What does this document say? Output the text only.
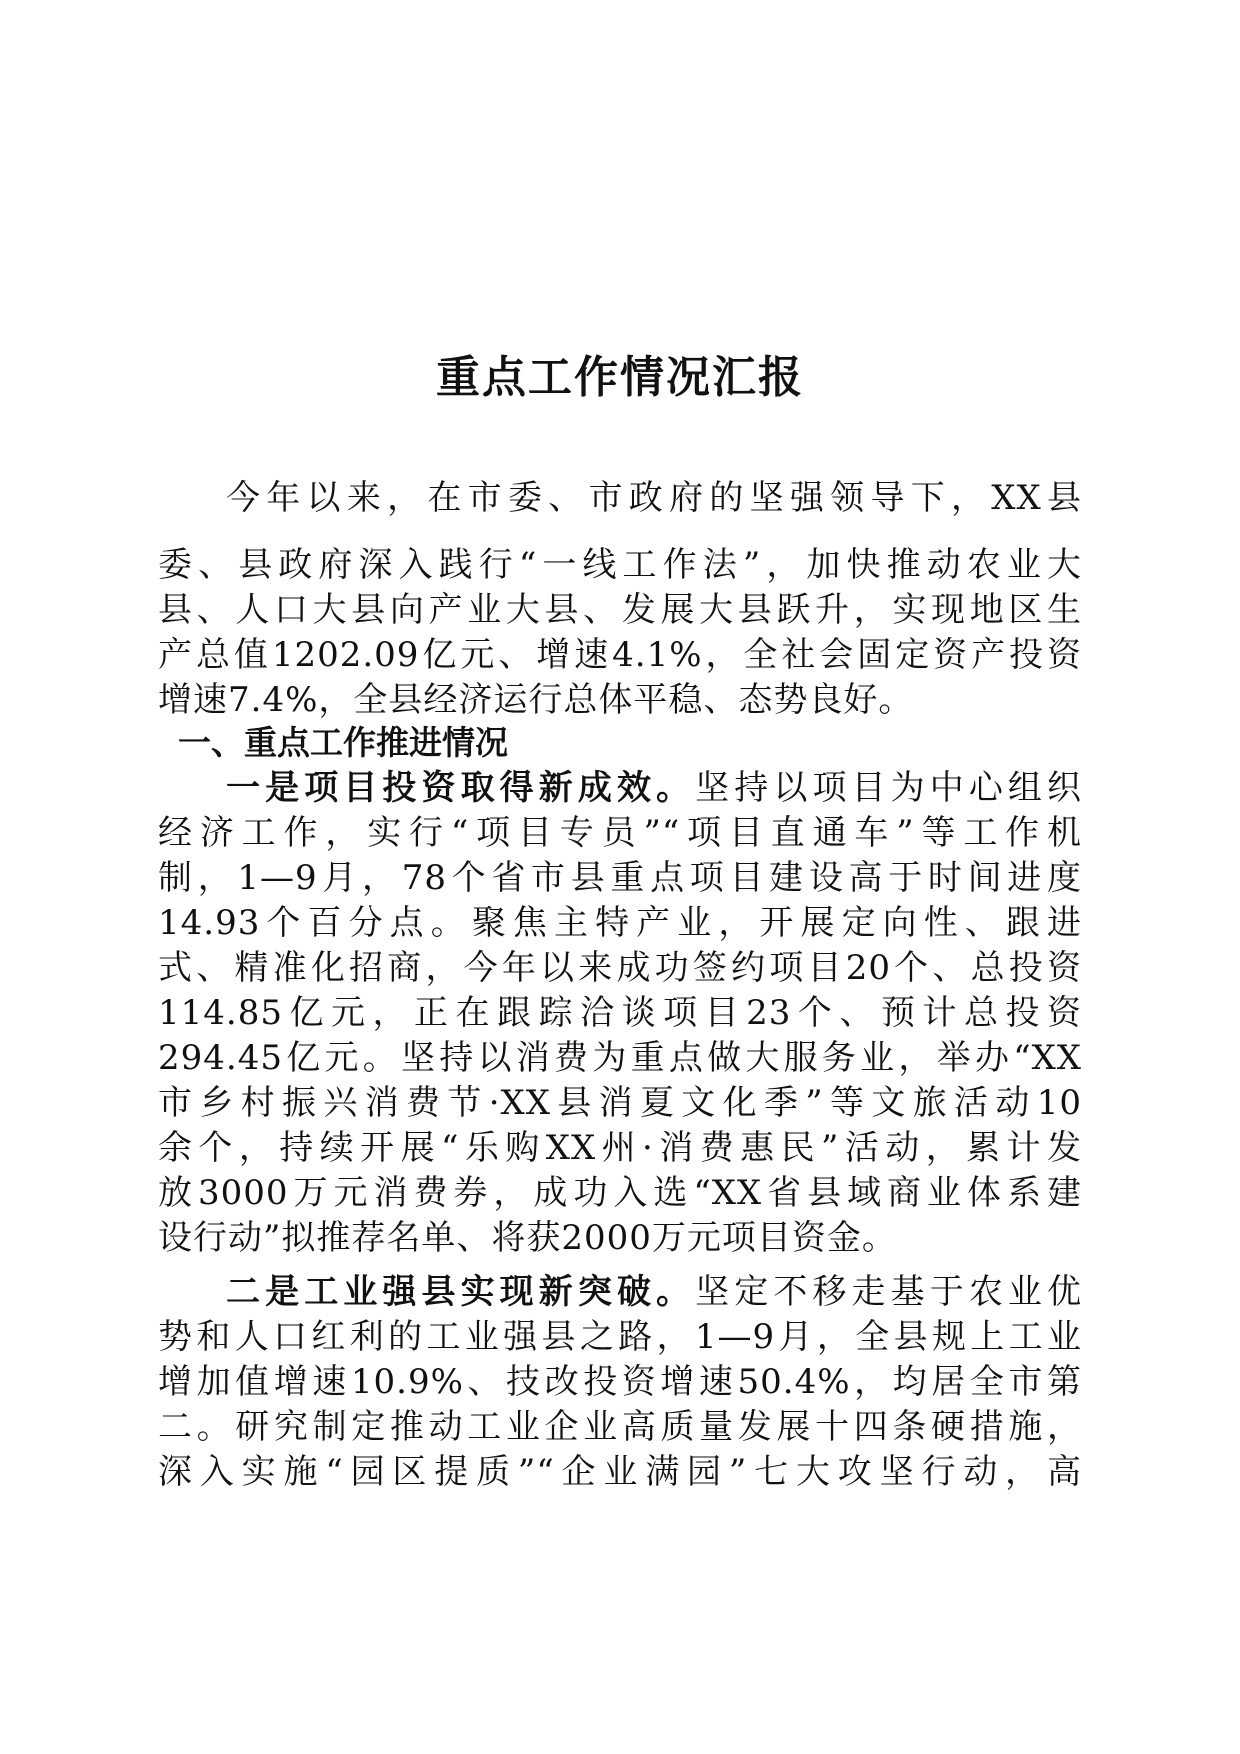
重点工作情况汇报
今年以来，在市委、市政府的坚强领导下，XX县
委、县政府深入践行“一线工作法”，加快推动农业大
县、人口大县向产业大县、发展大县跃升，实现地区生
产总值1202.09亿元、增速4.1%，全社会固定资产投资
增速7.4%，全县经济运行总体平稳、态势良好。
一、重点工作推进情况
一是项目投资取得新成效。坚持以项目为中心组织
经济工作，实行“项目专员”“项目直通车”等工作机
制，1—9月，78个省市县重点项目建设高于时间进度
14.93个百分点。聚焦主特产业，开展定向性、跟进
式、精准化招商，今年以来成功签约项目20个、总投资
114.85亿元，正在跟踪洽谈项目23个、预计总投资
294.45亿元。坚持以消费为重点做大服务业，举办“XX
市乡村振兴消费节·XX县消夏文化季”等文旅活动10
余个，持续开展“乐购XX州·消费惠民”活动，累计发
放3000万元消费券，成功入选“XX省县域商业体系建
设行动”拟推荐名单、将获2000万元项目资金。
二是工业强县实现新突破。坚定不移走基于农业优
势和人口红利的工业强县之路，1—9月，全县规上工业
增加值增速10.9%、技改投资增速50.4%，均居全市第
二。研究制定推动工业企业高质量发展十四条硬措施，
深入实施“园区提质”“企业满园”七大攻坚行动，高
